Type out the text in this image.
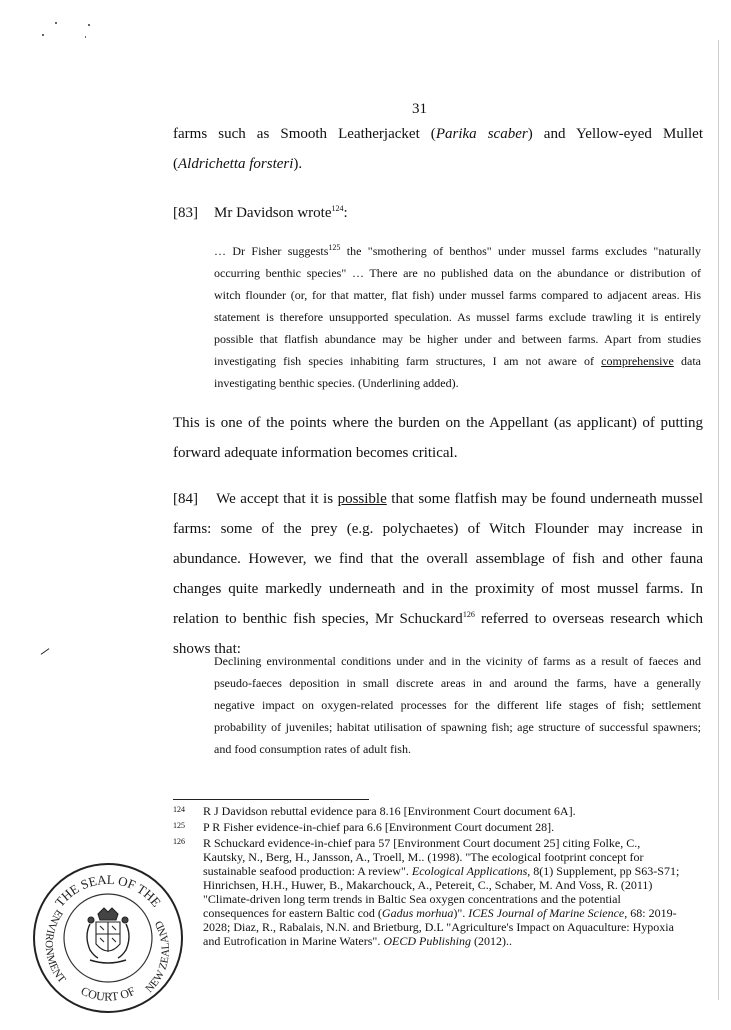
31
farms such as Smooth Leatherjacket (Parika scaber) and Yellow-eyed Mullet
(Aldrichetta forsteri).
[83] Mr Davidson wrote$^{124}$:
… Dr Fisher suggests$^{125}$ the "smothering of benthos" under mussel farms excludes "naturally
occurring benthic species" … There are no published data on the abundance or distribution of
witch flounder (or, for that matter, flat fish) under mussel farms compared to adjacent areas. His
statement is therefore unsupported speculation. As mussel farms exclude trawling it is entirely
possible that flatfish abundance may be higher under and between farms. Apart from studies
investigating fish species inhabiting farm structures, I am not aware of comprehensive data
investigating benthic species. (Underlining added).
This is one of the points where the burden on the Appellant (as applicant) of putting
forward adequate information becomes critical.
[84] We accept that it is possible that some flatfish may be found underneath mussel
farms: some of the prey (e.g. polychaetes) of Witch Flounder may increase in
abundance. However, we find that the overall assemblage of fish and other fauna
changes quite markedly underneath and in the proximity of most mussel farms. In
relation to benthic fish species, Mr Schuckard$^{126}$ referred to overseas research which
shows that:
Declining environmental conditions under and in the vicinity of farms as a result of faeces and
pseudo-faeces deposition in small discrete areas in and around the farms, have a generally
negative impact on oxygen-related processes for the different life stages of fish; settlement
probability of juveniles; habitat utilisation of spawning fish; age structure of successful spawners;
and food consumption rates of adult fish.
124 R J Davidson rebuttal evidence para 8.16 [Environment Court document 6A].
125 P R Fisher evidence-in-chief para 6.6 [Environment Court document 28].
126 R Schuckard evidence-in-chief para 57 [Environment Court document 25] citing Folke, C.,
Kautsky, N., Berg, H., Jansson, A., Troell, M.. (1998). "The ecological footprint concept for
sustainable seafood production: A review". Ecological Applications, 8(1) Supplement, pp S63-S71;
Hinrichsen, H.H., Huwer, B., Makarchouck, A., Petereit, C., Schaber, M. And Voss, R. (2011)
"Climate-driven long term trends in Baltic Sea oxygen concentrations and the potential
consequences for eastern Baltic cod (Gadus morhua)". ICES Journal of Marine Science, 68: 2019-
2028; Diaz, R., Rabalais, N.N. and Brietburg, D.L "Agriculture's Impact on Aquaculture: Hypoxia
and Eutrofication in Marine Waters". OECD Publishing (2012)..
THE SEAL OF THE
ENVIRONMENT
COURT OF NEW ZEALAND
